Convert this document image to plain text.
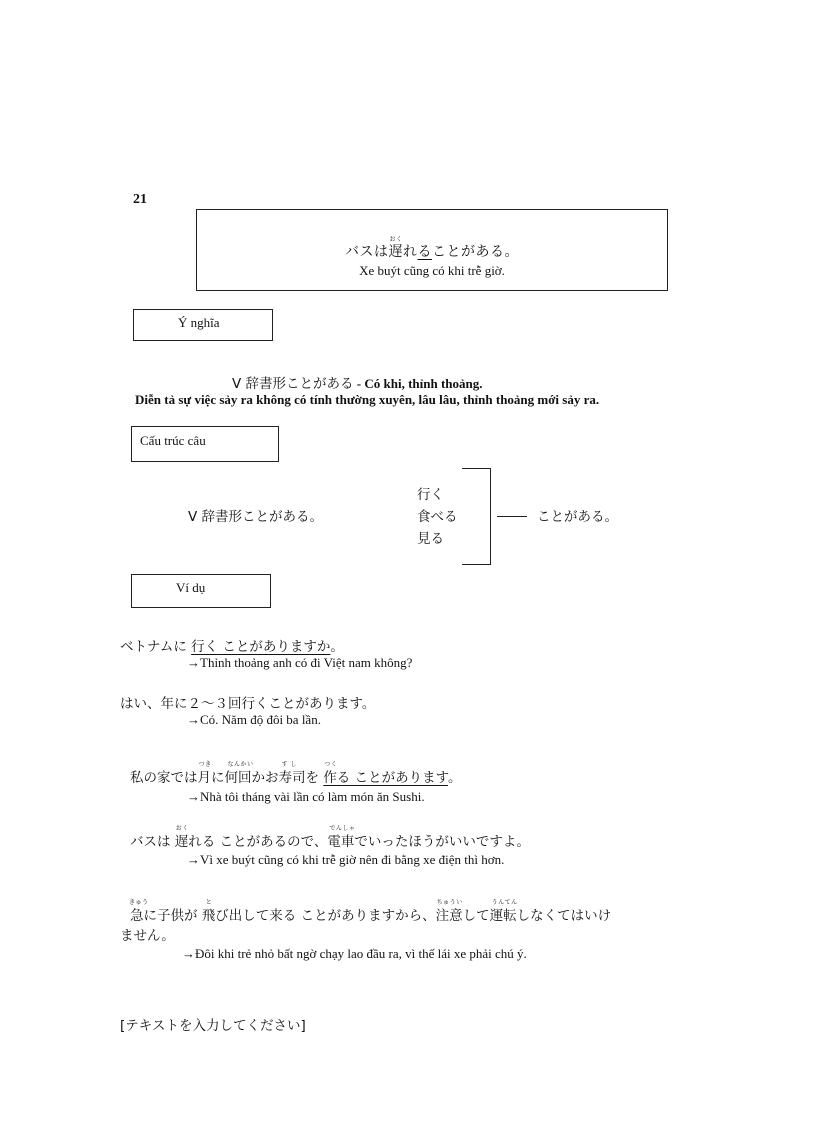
21
バスは
おく
遅れることがある。
Xe buýt cũng có khi trễ giờ.
Ý nghĩa
V 辞書形ことがある - Có khi, thỉnh thoảng.
Diễn tả sự việc sảy ra không có tính thường xuyên, lâu lâu, thỉnh thoảng mới sảy ra.
Cấu trúc câu
V 辞書形ことがある。
行く
食べる
見る
ことがある。
Ví dụ
ベトナムに 行く ことがありますか。
→Thỉnh thoảng anh có đi Việt nam không?
はい、年に２～３回行くことがあります。
→Có. Năm độ đôi ba lần.
私の家では
つき
月に
なんかい
何回かお
す し
寿司を
つく
作る ことがあります。
→Nhà tôi tháng vài lần có làm món ăn Sushi.
バスは
おく
遅れる ことがあるので、
でんしゃ
電車でいったほうがいいですよ。
→Vì xe buýt cũng có khi trễ giờ nên đi bằng xe điện thì hơn.
きゅう
急に子供が
と
飛び出して来る ことがありますから、
ちゅうい
注意して
うんてん
運転しなくてはいけ
ません。
→Đôi khi trẻ nhỏ bất ngờ chạy lao đầu ra, vì thế lái xe phải chú ý.
[テキストを入力してください]
